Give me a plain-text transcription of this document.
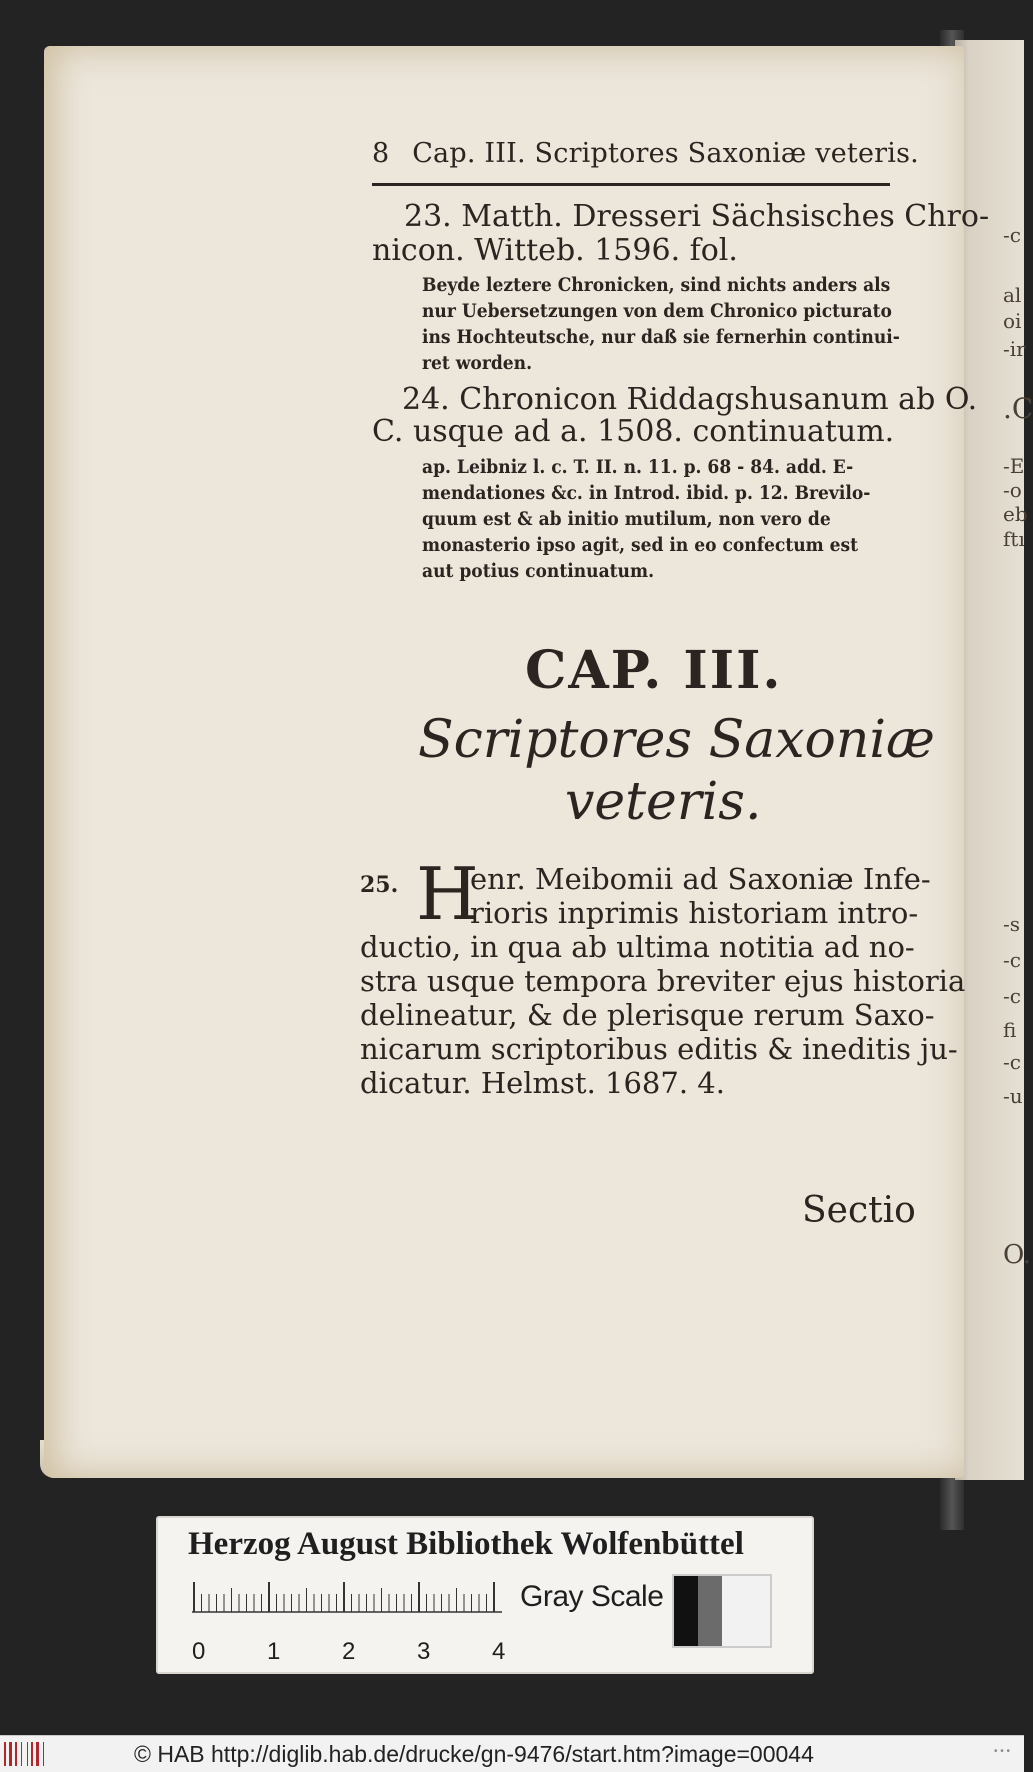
-c
al
oi
-ir
.C
-E
-o
eb
ftı
-s
-c
-c
fi
-c
-u
O.
8 Cap. III. Scriptores Saxoniæ veteris.
23. Matth. Dresseri Sächsisches Chro-
nicon. Witteb. 1596. fol.
Beyde leztere Chronicken, sind nichts anders als
nur Uebersetzungen von dem Chronico picturato
ins Hochteutsche, nur daß sie fernerhin continui-
ret worden.
24. Chronicon Riddagshusanum ab O.
C. usque ad a. 1508. continuatum.
ap. Leibniz l. c. T. II. n. 11. p. 68 - 84. add. E-
mendationes &c. in Introd. ibid. p. 12. Brevilo-
quum est & ab initio mutilum, non vero de
monasterio ipso agit, sed in eo confectum est
aut potius continuatum.
CAP. III.
Scriptores Saxoniæ
veteris.
25. H
enr. Meibomii ad Saxoniæ Infe-
rioris inprimis historiam intro-
ductio, in qua ab ultima notitia ad no-
stra usque tempora breviter ejus historia
delineatur, & de plerisque rerum Saxo-
nicarum scriptoribus editis & ineditis ju-
dicatur. Helmst. 1687. 4.
Sectio
Herzog August Bibliothek Wolfenbüttel
0	1	2	3	4
Gray Scale
© HAB http://diglib.hab.de/drucke/gn-9476/start.htm?image=00044	• • •
